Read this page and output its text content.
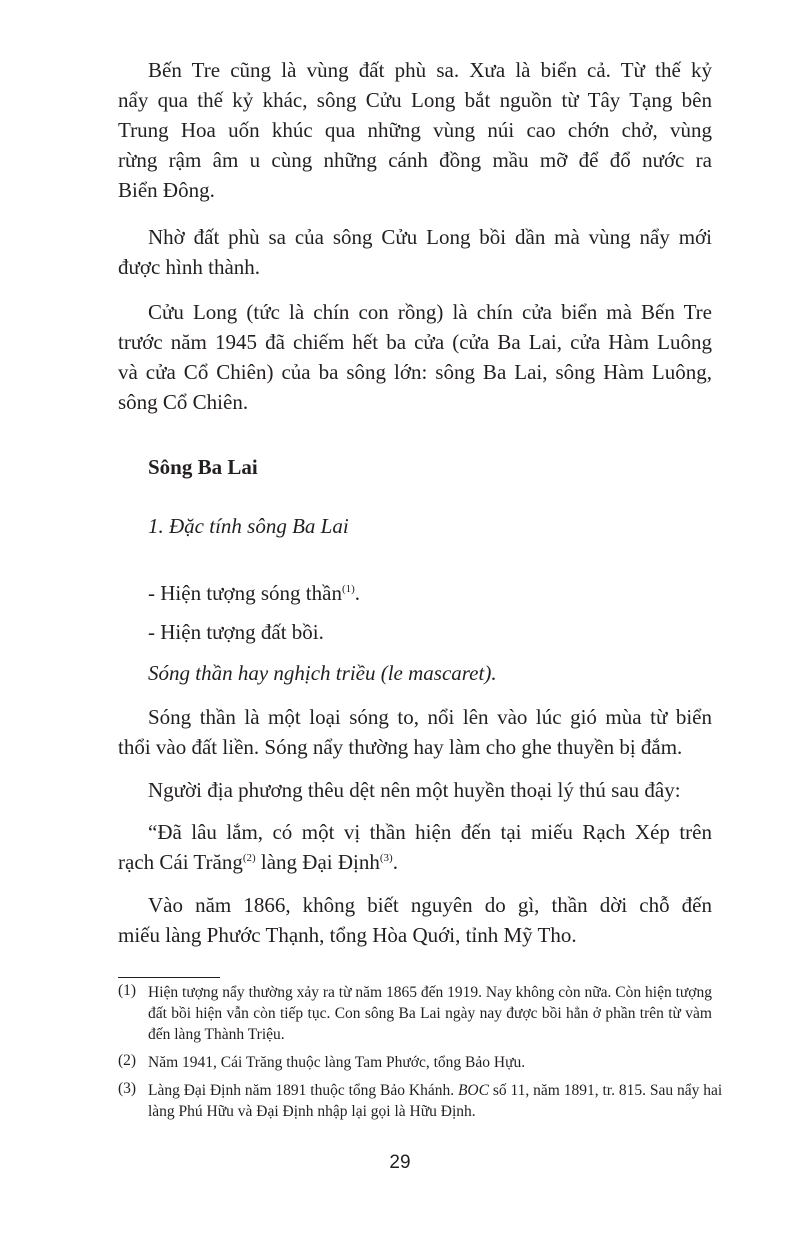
Bến Tre cũng là vùng đất phù sa. Xưa là biển cả. Từ thế kỷ
nẩy qua thế kỷ khác, sông Cửu Long bắt nguồn từ Tây Tạng bên
Trung Hoa uốn khúc qua những vùng núi cao chớn chở, vùng
rừng rậm âm u cùng những cánh đồng mầu mỡ để đổ nước ra
Biển Đông.
Nhờ đất phù sa của sông Cửu Long bồi dần mà vùng nẩy mới
được hình thành.
Cửu Long (tức là chín con rồng) là chín cửa biển mà Bến Tre
trước năm 1945 đã chiếm hết ba cửa (cửa Ba Lai, cửa Hàm Luông
và cửa Cổ Chiên) của ba sông lớn: sông Ba Lai, sông Hàm Luông,
sông Cổ Chiên.
Sông Ba Lai
1. Đặc tính sông Ba Lai
- Hiện tượng sóng thần$^{(1)}$.
- Hiện tượng đất bồi.
Sóng thần hay nghịch triều (le mascaret).
Sóng thần là một loại sóng to, nổi lên vào lúc gió mùa từ biển
thổi vào đất liền. Sóng nẩy thường hay làm cho ghe thuyền bị đắm.
Người địa phương thêu dệt nên một huyền thoại lý thú sau đây:
“Đã lâu lắm, có một vị thần hiện đến tại miếu Rạch Xép trên
rạch Cái Trăng$^{(2)}$ làng Đại Định$^{(3)}$.
Vào năm 1866, không biết nguyên do gì, thần dời chỗ đến
miếu làng Phước Thạnh, tổng Hòa Quới, tỉnh Mỹ Tho.
(1) Hiện tượng nẩy thường xảy ra từ năm 1865 đến 1919. Nay không còn nữa. Còn hiện tượng
đất bồi hiện vẫn còn tiếp tục. Con sông Ba Lai ngày nay được bồi hẳn ở phần trên từ vàm
đến làng Thành Triệu.
(2) Năm 1941, Cái Trăng thuộc làng Tam Phước, tổng Bảo Hựu.
(3) Làng Đại Định năm 1891 thuộc tổng Bảo Khánh. BOC số 11, năm 1891, tr. 815. Sau nẩy hai
làng Phú Hữu và Đại Định nhập lại gọi là Hữu Định.
29
